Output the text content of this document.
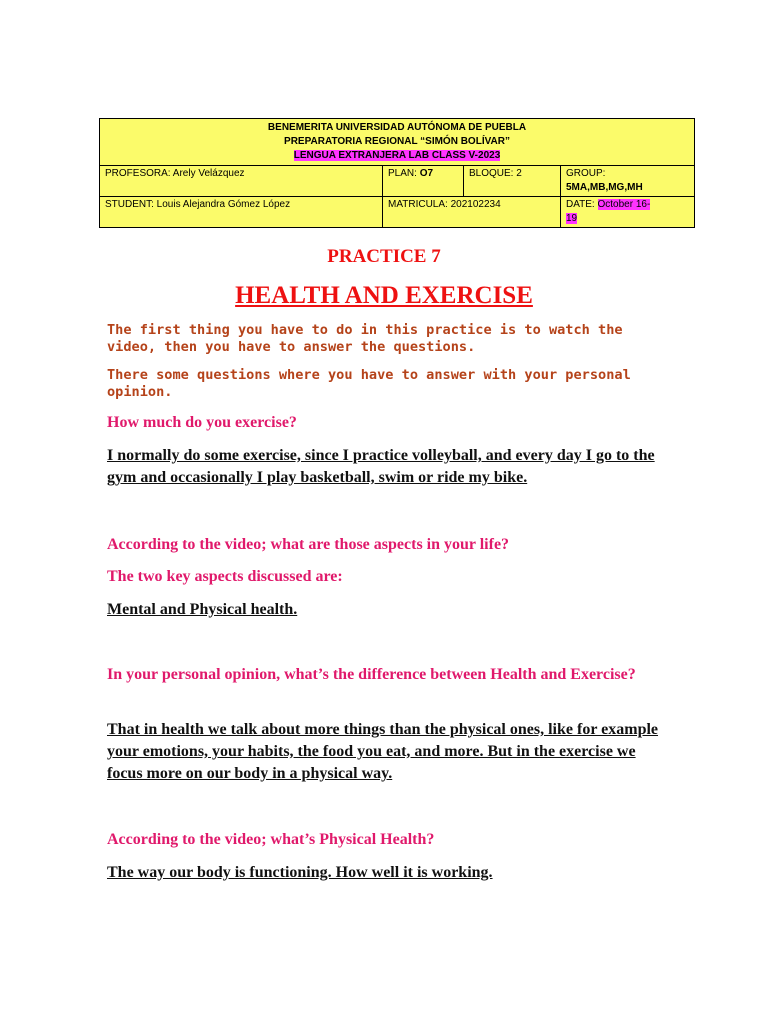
BENEMERITA UNIVERSIDAD AUTÓNOMA DE PUEBLA
PREPARATORIA REGIONAL “SIMÓN BOLÍVAR”
LENGUA EXTRANJERA LAB CLASS V-2023			

PROFESORA: Arely Velázquez	PLAN: O7	BLOQUE: 2	GROUP:
5MA,MB,MG,MH

STUDENT: Louis Alejandra Gómez López	MATRICULA: 202102234		DATE: October 16-
19
PRACTICE 7
HEALTH AND EXERCISE
The first thing you have to do in this practice is to watch the video, then you have to answer the questions.
There some questions where you have to answer with your personal opinion.
How much do you exercise?
I normally do some exercise, since I practice volleyball, and every day I go to the gym and occasionally I play basketball, swim or ride my bike.
According to the video; what are those aspects in your life?
The two key aspects discussed are:
Mental and Physical health.
In your personal opinion, what’s the difference between Health and Exercise?
That in health we talk about more things than the physical ones, like for example your emotions, your habits, the food you eat, and more. But in the exercise we focus more on our body in a physical way.
According to the video; what’s Physical Health?
The way our body is functioning. How well it is working.
